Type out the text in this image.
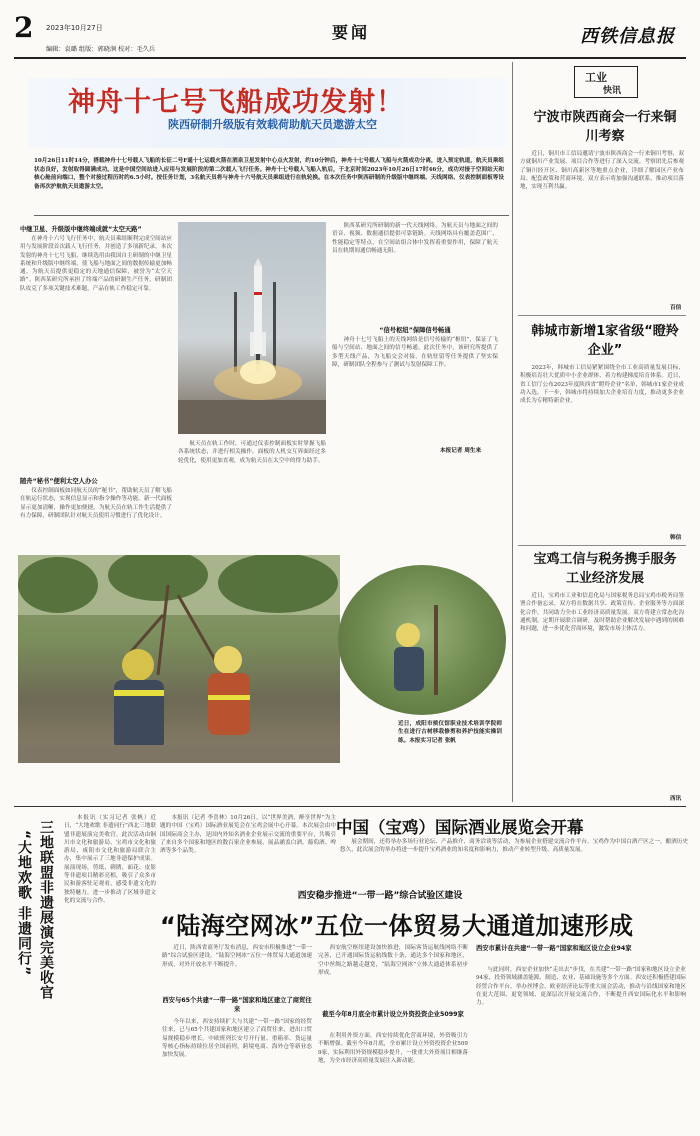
2 2023年10月27日
编辑：袁璐 组版：郭晓涧 校对：毛久兵
要闻	西铁信息报
神舟十七号飞船成功发射！
陕西研制升级版有效载荷助航天员遨游太空
10月26日11时14分，搭载神舟十七号载人飞船的长征二号F遥十七运载火箭在酒泉卫星发射中心点火发射，约10分钟后，神舟十七号载人飞船与火箭成功分离，进入预定轨道，航天员乘组状态良好，发射取得圆满成功。这是中国空间站进入应用与发展阶段的第二次载人飞行任务。神舟十七号载人飞船入轨后，于北京时间2023年10月26日17时46分，成功对接于空间站天和核心舱前向端口，整个对接过程历时约6.5小时。按任务计划，3名航天员将与神舟十六号航天员乘组进行在轨轮换。在本次任务中陕西研制的升级版中继终端、天线网络、仪表控制面板等设备再次护航航天员遨游太空。
中继卫星、升级版中继终端成就“太空天路”
　　在神舟十六号飞行任务中，航天员乘组顺利完成空间站应用与发展阶段首次载人飞行任务，并创造了多项新纪录。本次发射的神舟十七号飞船，继续选用由我国自主研制的中继卫星系统和升级版中继终端，使飞船与地面之间的数据传输更加畅通，为航天员提供更稳定的天地通信保障，被誉为“太空天路”。陕西某研究所承担了终端产品的研制生产任务，研制团队攻克了多项关键技术难题，产品在轨工作稳定可靠。
随舟“秘书”便利太空人办公
　　仪表控制面板如同航天员的“秘书”，帮助航天员了解飞船在轨运行状态，实现信息显示和指令操作等功能。新一代面板显示更加清晰，操作更加便捷，为航天员在轨工作生活提供了有力保障，研制团队针对航天员使用习惯进行了优化设计。
　　陕西某研究所研制的新一代天线网络，为航天员与地面之间的语音、视频、数据通信提供可靠链路。天线网络具有覆盖范围广、性能稳定等特点，在空间站组合体中发挥着重要作用，保障了航天员在轨期间通信畅通无阻。
“信号枢纽”保障信号畅通
　　神舟十七号飞船上的天线网络是信号传输的“枢纽”，保证了飞船与空间站、地面之间的信号畅通。此次任务中，该研究所提供了多型天线产品，为飞船交会对接、在轨驻留等任务提供了坚实保障，研制团队全程参与了测试与发射保障工作。
本报记者 周生来
　　航天员在轨工作时，可通过仪表控制面板实时掌握飞船各系统状态，并进行相关操作。面板的人机交互界面经过多轮优化，使用更加直观，成为航天员在太空中的得力助手。
近日，成阳市殡仪馆职业技术培训学院师生在进行古树移栽修剪和养护技能实操训练。本报实习记者 张帆
工业
快讯
宁波市陕西商会一行来铜川考察
　　近日，铜川市工信局邀请宁波市陕西商会一行来铜川考察，双方就铜川产业发展、项目合作等进行了深入交流。考察团先后参观了铜川经开区、铜川高新区等地重点企业，详细了解园区产业布局、配套政策和营商环境。双方表示将加强沟通联系，推动项目落地，实现互利共赢。
百信
韩城市新增1家省级“瞪羚企业”
　　2023年，韩城市工信局紧紧围绕全市工业高质量发展目标，积极培育壮大优质中小企业群体，着力构建梯度培育体系。近日，省工信厅公布2023年度陕西省“瞪羚企业”名单，韩城市1家企业成功入选。下一步，韩城市将持续加大企业培育力度，推动更多企业成长为专精特新企业。
韩信
宝鸡工信与税务携手服务工业经济发展
　　近日，宝鸡市工业和信息化局与国家税务总局宝鸡市税务局签署合作备忘录，双方将在数据共享、政策宣传、企业服务等方面深化合作，共同助力全市工业经济高质量发展。双方将建立常态化沟通机制，定期开展联合调研，及时帮助企业解决发展中遇到的困难和问题，进一步优化营商环境，激发市场主体活力。
西讯
三地联盟非遗展演完美收官
“大地欢歌 非遗同行”
　　本报讯（实习记者 张帆）近日，“大地欢歌 非遗同行”西北三地联盟非遗展演完美收官。此次活动由铜川市文化和旅游局、宝鸡市文化和旅游局、咸阳市文化和旅游局联合主办，集中展示了三地非遗保护成果。展演现场，剪纸、刺绣、面花、皮影等非遗项目精彩亮相，吸引了众多市民和游客驻足观看，感受非遗文化的独特魅力，进一步推动了区域非遗文化的交流与合作。
　　本报讯（记者 李喜林）10月26日，以“世界美酒，醉享世界”为主题的中国（宝鸡）国际酒业展览会在宝鸡会展中心开幕。本次展会由中国国际商会主办，是国内外知名酒业企业展示交流的重要平台，共吸引了来自多个国家和地区的数百家企业参展，展品涵盖白酒、葡萄酒、啤酒等多个品类。
中国（宝鸡）国际酒业展览会开幕
　　展会期间，还将举办多场行业论坛、产品推介、商务洽谈等活动，为参展企业搭建交流合作平台。宝鸡作为中国白酒产区之一，酿酒历史悠久，此次展会的举办将进一步提升宝鸡酒业的知名度和影响力，推动产业转型升级、高质量发展。
西安稳步推进“一带一路”综合试验区建设
“陆海空网冰”五位一体贸易大通道加速形成
　　近日，陕西省商务厅发布消息，西安市积极推进“一带一路”综合试验区建设，“陆海空网冰”五位一体贸易大通道加速形成，对外开放水平不断提升。
西安与65个共建“一带一路”国家和地区建立了商贸往来
　　今年以来，西安持续扩大与共建“一带一路”国家的经贸往来，已与65个共建国家和地区建立了商贸往来，进出口贸易规模稳步增长。中欧班列长安号开行量、重箱率、货运量等核心指标持续位居全国前列，跨境电商、海外仓等新业态加快发展。
　　西安航空枢纽建设加快推进，国际客货运航线网络不断完善，已开通国际货运航线数十条，通达多个国家和地区，空中丝绸之路越走越宽，“陆海空网冰”立体大通道体系初步形成。
截至今年8月底全市累计设立外资投资企业5099家
　　在利用外资方面，西安持续优化营商环境，外资吸引力不断增强。截至今年8月底，全市累计设立外资投资企业5099家，实际利用外资规模稳步提升，一批重大外资项目相继落地，为全市经济高质量发展注入新动能。
西安市累计在共建“一带一路”国家和地区设立企业94家
　　与此同时，西安企业加快“走出去”步伐，在共建“一带一路”国家和地区设立企业94家，投资领域涵盖能源、制造、农业、基础设施等多个方面。西安还积极搭建国际经贸合作平台，举办丝博会、欧亚经济论坛等重大展会活动，推动与沿线国家和地区在更大范围、更宽领域、更深层次开展交流合作，不断提升西安国际化水平和影响力。
